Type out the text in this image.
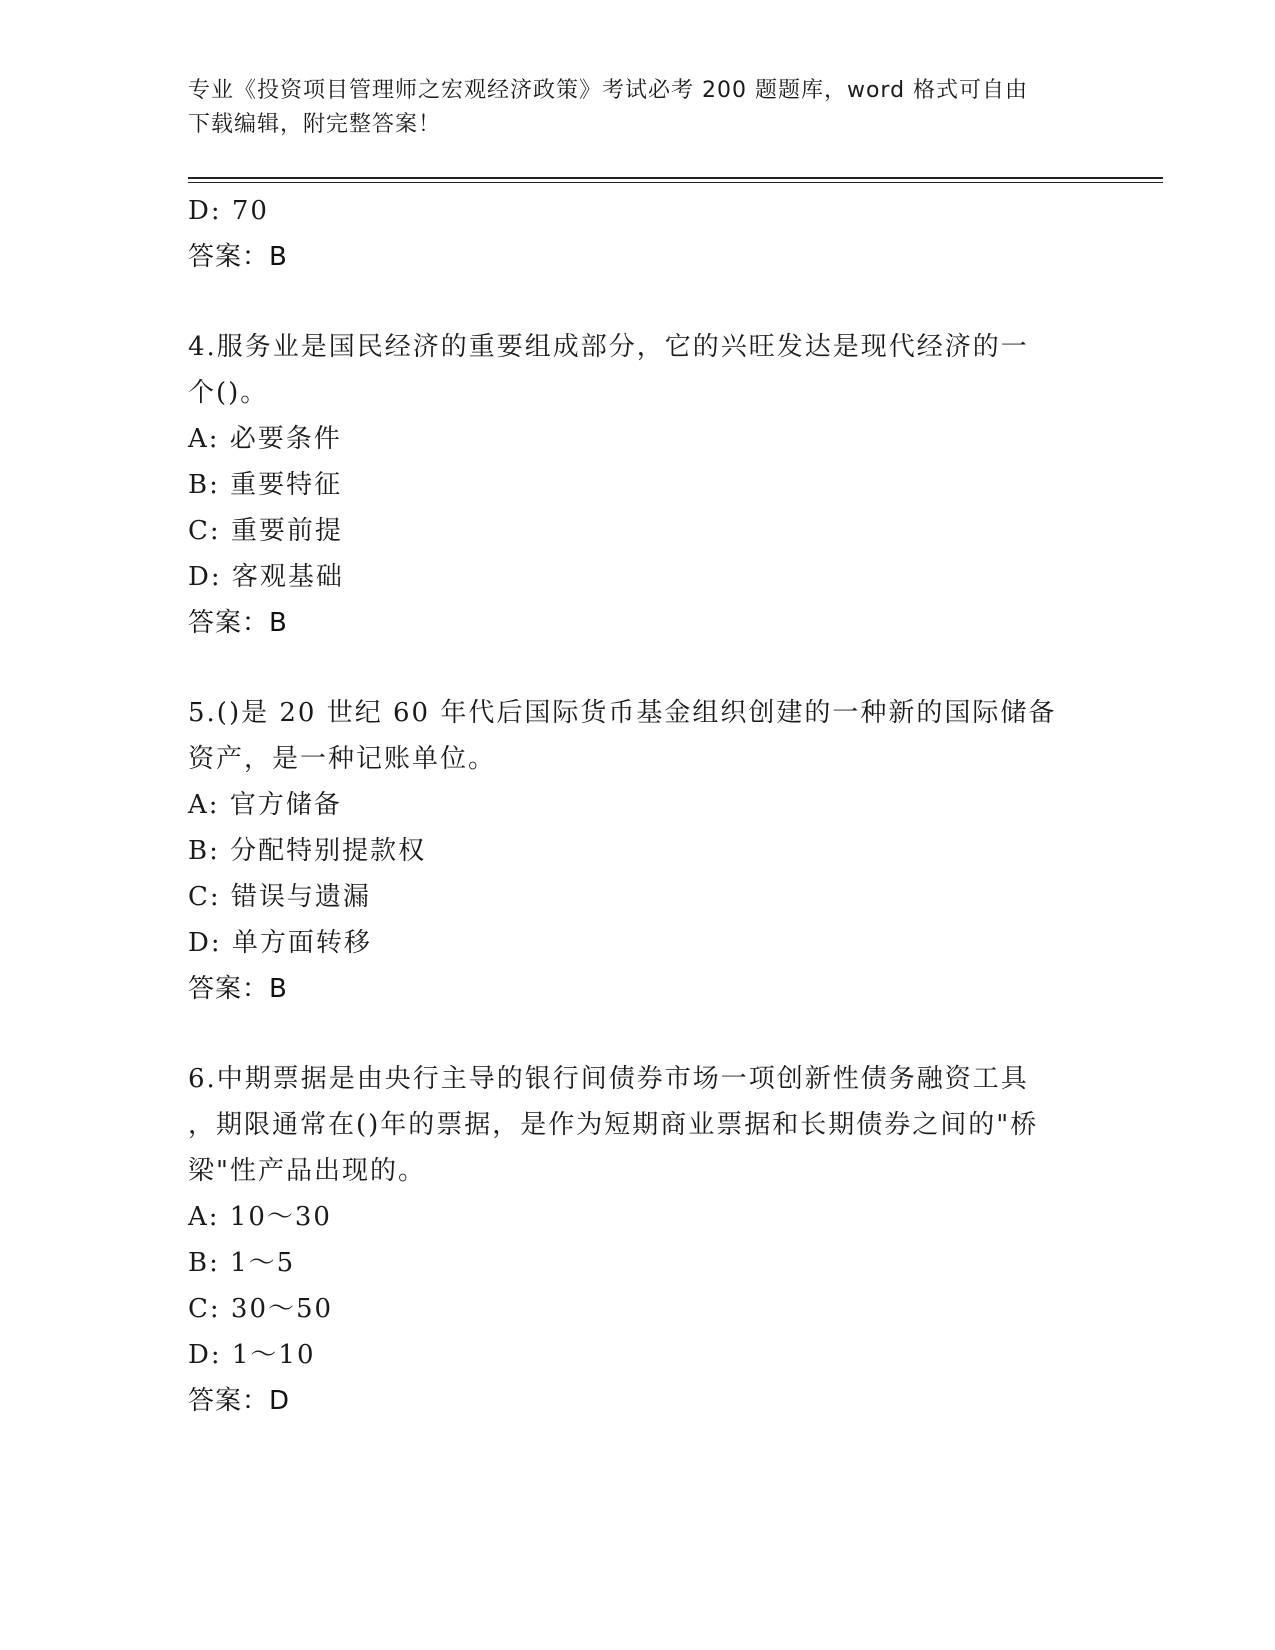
专业《投资项目管理师之宏观经济政策》考试必考 200 题题库，word 格式可自由
下载编辑，附完整答案！
D: 70
答案：B
4.服务业是国民经济的重要组成部分，它的兴旺发达是现代经济的一
个()。
A: 必要条件
B: 重要特征
C: 重要前提
D: 客观基础
答案：B
5.()是 20 世纪 60 年代后国际货币基金组织创建的一种新的国际储备
资产，是一种记账单位。
A: 官方储备
B: 分配特别提款权
C: 错误与遗漏
D: 单方面转移
答案：B
6.中期票据是由央行主导的银行间债券市场一项创新性债务融资工具
，期限通常在()年的票据，是作为短期商业票据和长期债券之间的"桥
梁"性产品出现的。
A: 10～30
B: 1～5
C: 30～50
D: 1～10
答案：D
